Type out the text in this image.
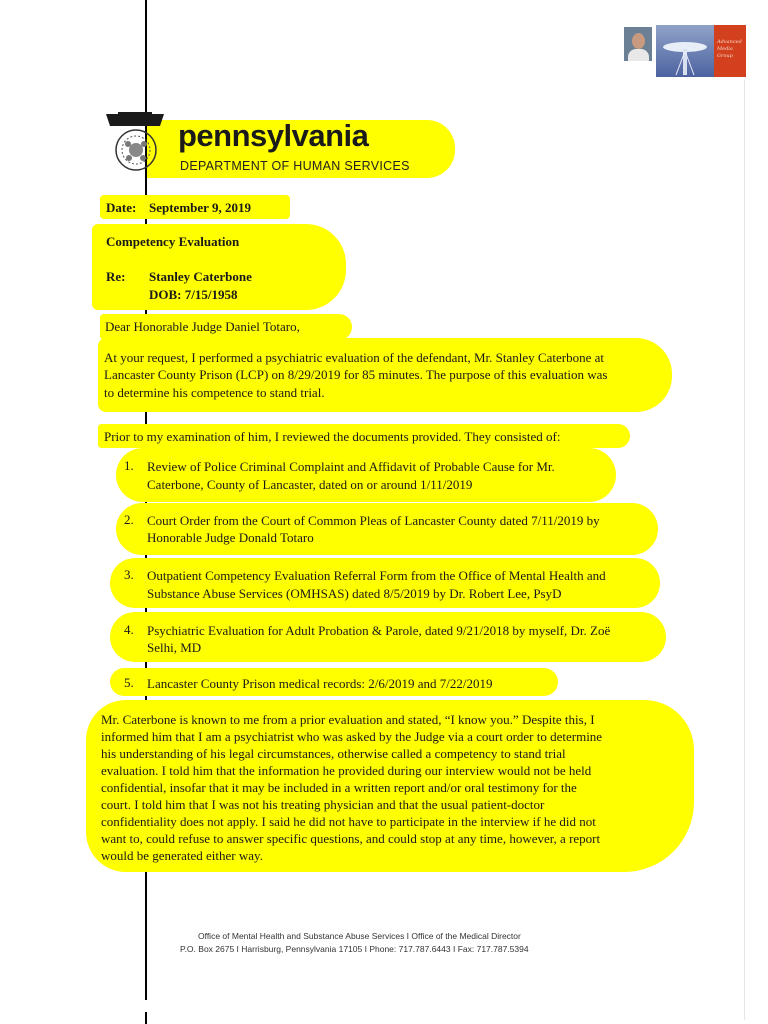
Advanced Media Group
pennsylvania
DEPARTMENT OF HUMAN SERVICES
Date: September 9, 2019
Competency Evaluation
Re: Stanley Caterbone
DOB: 7/15/1958
Dear Honorable Judge Daniel Totaro,
At your request, I performed a psychiatric evaluation of the defendant, Mr. Stanley Caterbone at
Lancaster County Prison (LCP) on 8/29/2019 for 85 minutes. The purpose of this evaluation was
to determine his competence to stand trial.
Prior to my examination of him, I reviewed the documents provided. They consisted of:
1. Review of Police Criminal Complaint and Affidavit of Probable Cause for Mr.
Caterbone, County of Lancaster, dated on or around 1/11/2019
2. Court Order from the Court of Common Pleas of Lancaster County dated 7/11/2019 by
Honorable Judge Donald Totaro
3. Outpatient Competency Evaluation Referral Form from the Office of Mental Health and
Substance Abuse Services (OMHSAS) dated 8/5/2019 by Dr. Robert Lee, PsyD
4. Psychiatric Evaluation for Adult Probation & Parole, dated 9/21/2018 by myself, Dr. Zoë
Selhi, MD
5. Lancaster County Prison medical records: 2/6/2019 and 7/22/2019
Mr. Caterbone is known to me from a prior evaluation and stated, “I know you.” Despite this, I
informed him that I am a psychiatrist who was asked by the Judge via a court order to determine
his understanding of his legal circumstances, otherwise called a competency to stand trial
evaluation. I told him that the information he provided during our interview would not be held
confidential, insofar that it may be included in a written report and/or oral testimony for the
court. I told him that I was not his treating physician and that the usual patient-doctor
confidentiality does not apply. I said he did not have to participate in the interview if he did not
want to, could refuse to answer specific questions, and could stop at any time, however, a report
would be generated either way.
Office of Mental Health and Substance Abuse Services I Office of the Medical Director
P.O. Box 2675 I Harrisburg, Pennsylvania 17105 I Phone: 717.787.6443 I Fax: 717.787.5394
